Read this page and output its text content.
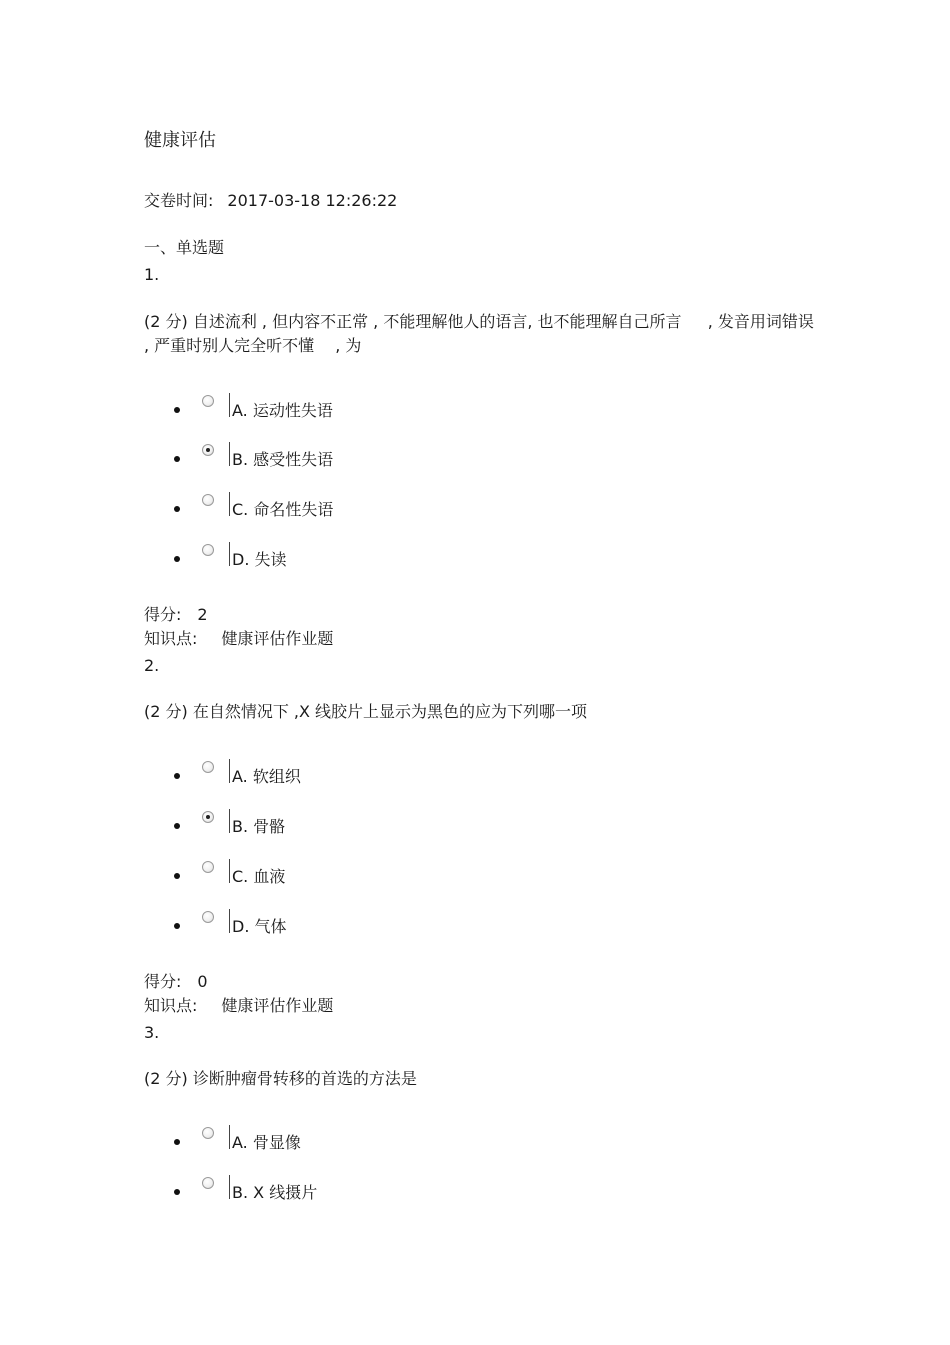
健康评估
交卷时间: 2017-03-18 12:26:22
一、单选题
1.
(2 分) 自述流利 , 但内容不正常 , 不能理解他人的语言, 也不能理解自己所言 　 , 发音用词错误 , 严重时别人完全听不懂 　, 为
A. 运动性失语
B. 感受性失语
C. 命名性失语
D. 失读
得分: 2
知识点: 健康评估作业题
2.
(2 分) 在自然情况下 ,X 线胶片上显示为黑色的应为下列哪一项
A. 软组织
B. 骨骼
C. 血液
D. 气体
得分: 0
知识点: 健康评估作业题
3.
(2 分) 诊断肿瘤骨转移的首选的方法是
A. 骨显像
B. X 线摄片
